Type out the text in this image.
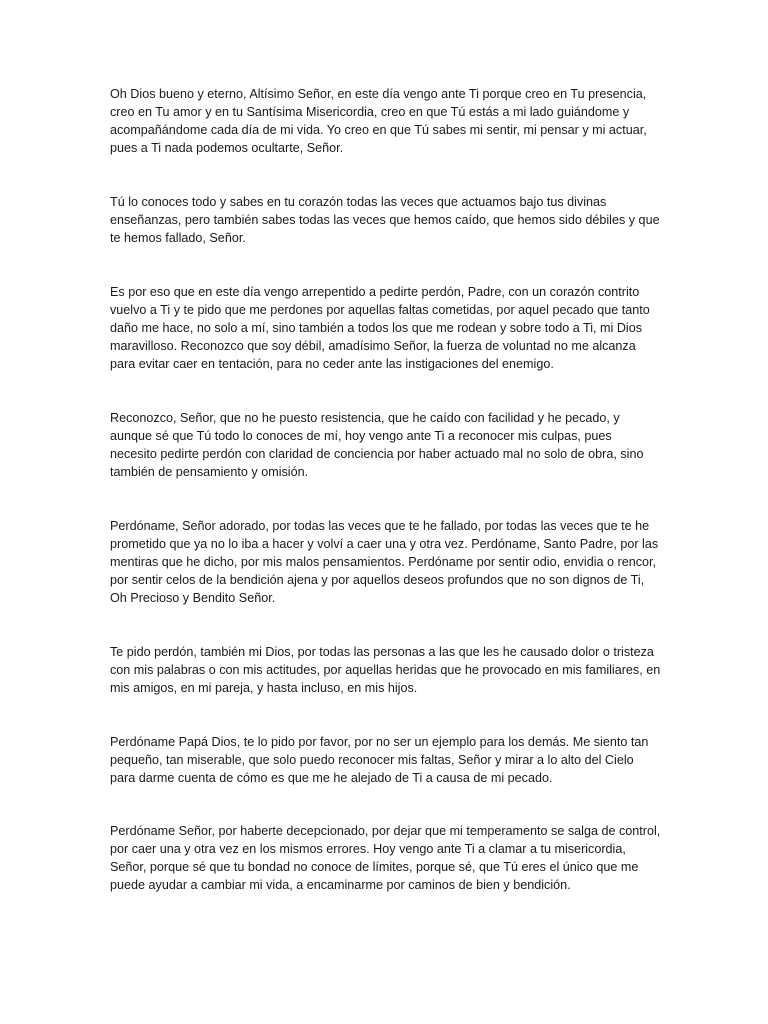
Oh Dios bueno y eterno, Altísimo Señor, en este día vengo ante Ti porque creo en Tu presencia, creo en Tu amor y en tu Santísima Misericordia, creo en que Tú estás a mi lado guiándome y acompañándome cada día de mi vida. Yo creo en que Tú sabes mi sentir, mi pensar y mi actuar, pues a Ti nada podemos ocultarte, Señor.

Tú lo conoces todo y sabes en tu corazón todas las veces que actuamos bajo tus divinas enseñanzas, pero también sabes todas las veces que hemos caído, que hemos sido débiles y que te hemos fallado, Señor.

Es por eso que en este día vengo arrepentido a pedirte perdón, Padre, con un corazón contrito vuelvo a Ti y te pido que me perdones por aquellas faltas cometidas, por aquel pecado que tanto daño me hace, no solo a mí, sino también a todos los que me rodean y sobre todo a Ti, mi Dios maravilloso. Reconozco que soy débil, amadísimo Señor, la fuerza de voluntad no me alcanza para evitar caer en tentación, para no ceder ante las instigaciones del enemigo.

Reconozco, Señor, que no he puesto resistencia, que he caído con facilidad y he pecado, y aunque sé que Tú todo lo conoces de mí, hoy vengo ante Ti a reconocer mis culpas, pues necesito pedirte perdón con claridad de conciencia por haber actuado mal no solo de obra, sino también de pensamiento y omisión.

Perdóname, Señor adorado, por todas las veces que te he fallado, por todas las veces que te he prometido que ya no lo iba a hacer y volví a caer una y otra vez. Perdóname, Santo Padre, por las mentiras que he dicho, por mis malos pensamientos. Perdóname por sentir odio, envidia o rencor, por sentir celos de la bendición ajena y por aquellos deseos profundos que no son dignos de Ti, Oh Precioso y Bendito Señor.

Te pido perdón, también mi Dios, por todas las personas a las que les he causado dolor o tristeza con mis palabras o con mis actitudes, por aquellas heridas que he provocado en mis familiares, en mis amigos, en mi pareja, y hasta incluso, en mis hijos.

Perdóname Papá Dios, te lo pido por favor, por no ser un ejemplo para los demás. Me siento tan pequeño, tan miserable, que solo puedo reconocer mis faltas, Señor y mirar a lo alto del Cielo para darme cuenta de cómo es que me he alejado de Ti a causa de mi pecado.

Perdóname Señor, por haberte decepcionado, por dejar que mi temperamento se salga de control, por caer una y otra vez en los mismos errores. Hoy vengo ante Ti a clamar a tu misericordia, Señor, porque sé que tu bondad no conoce de límites, porque sé, que Tú eres el único que me puede ayudar a cambiar mi vida, a encaminarme por caminos de bien y bendición.
